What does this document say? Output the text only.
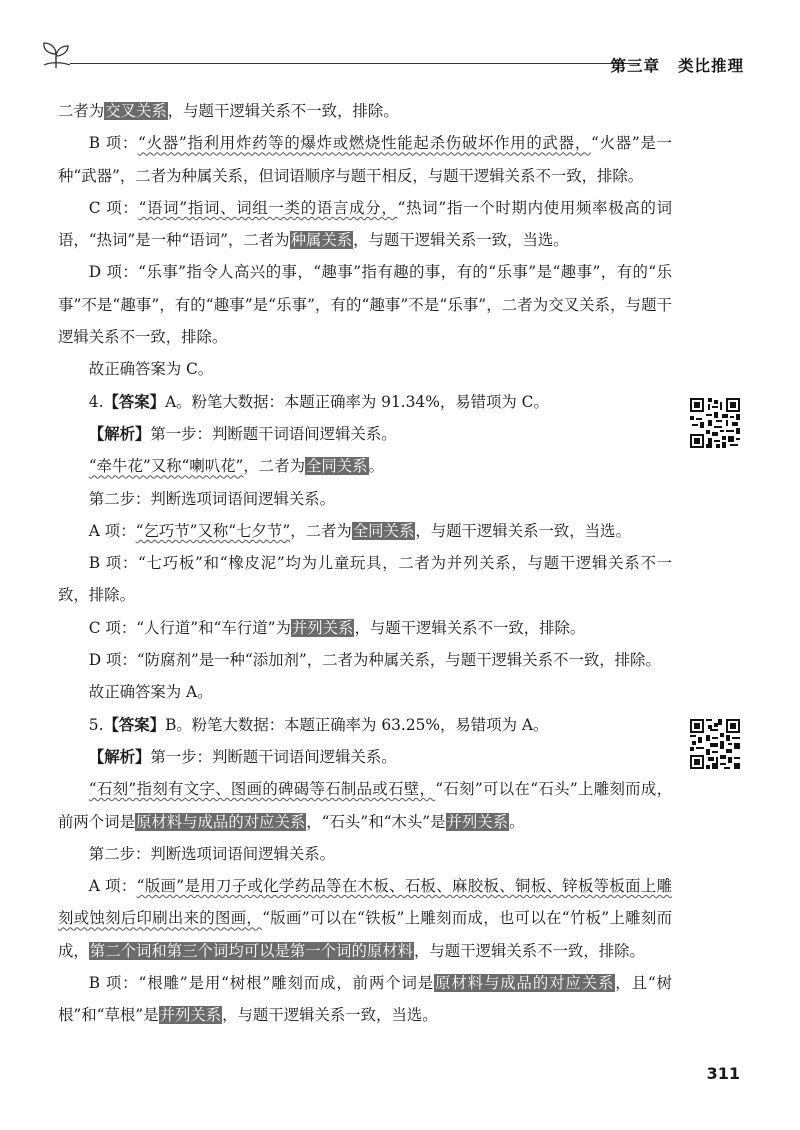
第三章 类比推理

二者为交叉关系，与题干逻辑关系不一致，排除。

B 项：“火器”指利用炸药等的爆炸或燃烧性能起杀伤破坏作用的武器，“火器”是一种“武器”，二者为种属关系，但词语顺序与题干相反，与题干逻辑关系不一致，排除。

C 项：“语词”指词、词组一类的语言成分，“热词”指一个时期内使用频率极高的词语，“热词”是一种“语词”，二者为种属关系，与题干逻辑关系一致，当选。

D 项：“乐事”指令人高兴的事，“趣事”指有趣的事，有的“乐事”是“趣事”，有的“乐事”不是“趣事”，有的“趣事”是“乐事”，有的“趣事”不是“乐事”，二者为交叉关系，与题干逻辑关系不一致，排除。

故正确答案为 C。

4.【答案】A。粉笔大数据：本题正确率为 91.34%，易错项为 C。

【解析】第一步：判断题干词语间逻辑关系。

“牵牛花”又称“喇叭花”，二者为全同关系。

第二步：判断选项词语间逻辑关系。

A 项：“乞巧节”又称“七夕节”，二者为全同关系，与题干逻辑关系一致，当选。

B 项：“七巧板”和“橡皮泥”均为儿童玩具，二者为并列关系，与题干逻辑关系不一致，排除。

C 项：“人行道”和“车行道”为并列关系，与题干逻辑关系不一致，排除。

D 项：“防腐剂”是一种“添加剂”，二者为种属关系，与题干逻辑关系不一致，排除。

故正确答案为 A。

5.【答案】B。粉笔大数据：本题正确率为 63.25%，易错项为 A。

【解析】第一步：判断题干词语间逻辑关系。

“石刻”指刻有文字、图画的碑碣等石制品或石壁，“石刻”可以在“石头”上雕刻而成，前两个词是原材料与成品的对应关系，“石头”和“木头”是并列关系。

第二步：判断选项词语间逻辑关系。

A 项：“版画”是用刀子或化学药品等在木板、石板、麻胶板、铜板、锌板等板面上雕刻或蚀刻后印刷出来的图画，“版画”可以在“铁板”上雕刻而成，也可以在“竹板”上雕刻而成，第二个词和第三个词均可以是第一个词的原材料，与题干逻辑关系不一致，排除。

B 项：“根雕”是用“树根”雕刻而成，前两个词是原材料与成品的对应关系，且“树根”和“草根”是并列关系，与题干逻辑关系一致，当选。

311
